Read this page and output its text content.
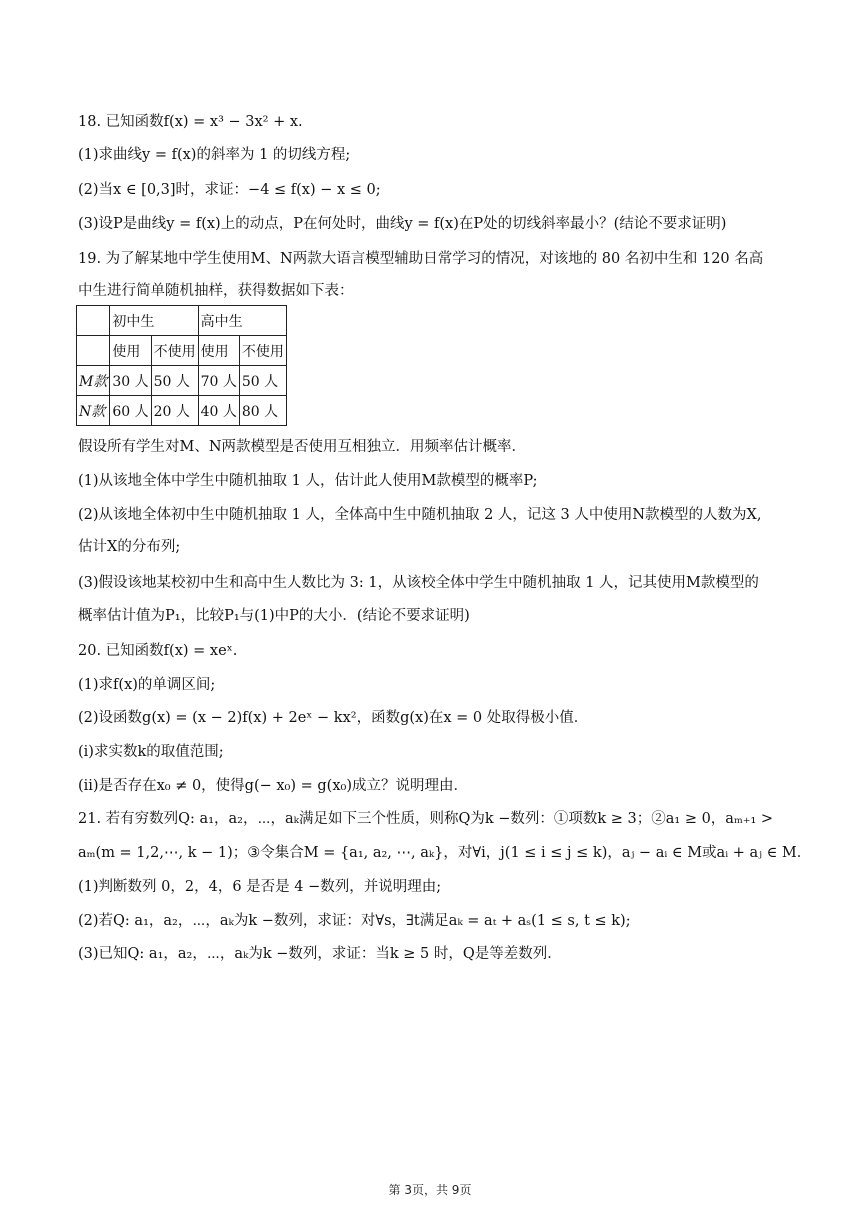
18. 已知函数f(x) = x³ − 3x² + x.
(1)求曲线y = f(x)的斜率为 1 的切线方程;
(2)当x ∈ [0,3]时，求证：−4 ≤ f(x) − x ≤ 0;
(3)设P是曲线y = f(x)上的动点，P在何处时，曲线y = f(x)在P处的切线斜率最小？(结论不要求证明)
19. 为了解某地中学生使用M、N两款大语言模型辅助日常学习的情况，对该地的 80 名初中生和 120 名高
中生进行简单随机抽样，获得数据如下表：
	初中生		高中生	
	使用	不使用	使用	不使用
M款	30 人	50 人	70 人	50 人
N款	60 人	20 人	40 人	80 人
假设所有学生对M、N两款模型是否使用互相独立．用频率估计概率．
(1)从该地全体中学生中随机抽取 1 人，估计此人使用M款模型的概率P;
(2)从该地全体初中生中随机抽取 1 人，全体高中生中随机抽取 2 人，记这 3 人中使用N款模型的人数为X,
估计X的分布列;
(3)假设该地某校初中生和高中生人数比为 3: 1，从该校全体中学生中随机抽取 1 人，记其使用M款模型的
概率估计值为P₁，比较P₁与(1)中P的大小．(结论不要求证明)
20. 已知函数f(x) = xeˣ.
(1)求f(x)的单调区间;
(2)设函数g(x) = (x − 2)f(x) + 2eˣ − kx²，函数g(x)在x = 0 处取得极小值．
(i)求实数k的取值范围;
(ii)是否存在x₀ ≠ 0，使得g(− x₀) = g(x₀)成立？说明理由．
21. 若有穷数列Q: a₁，a₂，⋯，aₖ满足如下三个性质，则称Q为k −数列：①项数k ≥ 3；②a₁ ≥ 0，aₘ₊₁ >
aₘ(m = 1,2,⋯, k − 1)；③令集合M = {a₁, a₂, ⋯, aₖ}，对∀i，j(1 ≤ i ≤ j ≤ k)，aⱼ − aᵢ ∈ M或aᵢ + aⱼ ∈ M．
(1)判断数列 0，2，4，6 是否是 4 −数列，并说明理由;
(2)若Q: a₁，a₂，⋯，aₖ为k −数列，求证：对∀s，∃t满足aₖ = aₜ + aₛ(1 ≤ s, t ≤ k);
(3)已知Q: a₁，a₂，⋯，aₖ为k −数列，求证：当k ≥ 5 时，Q是等差数列．
第 3页，共 9页
